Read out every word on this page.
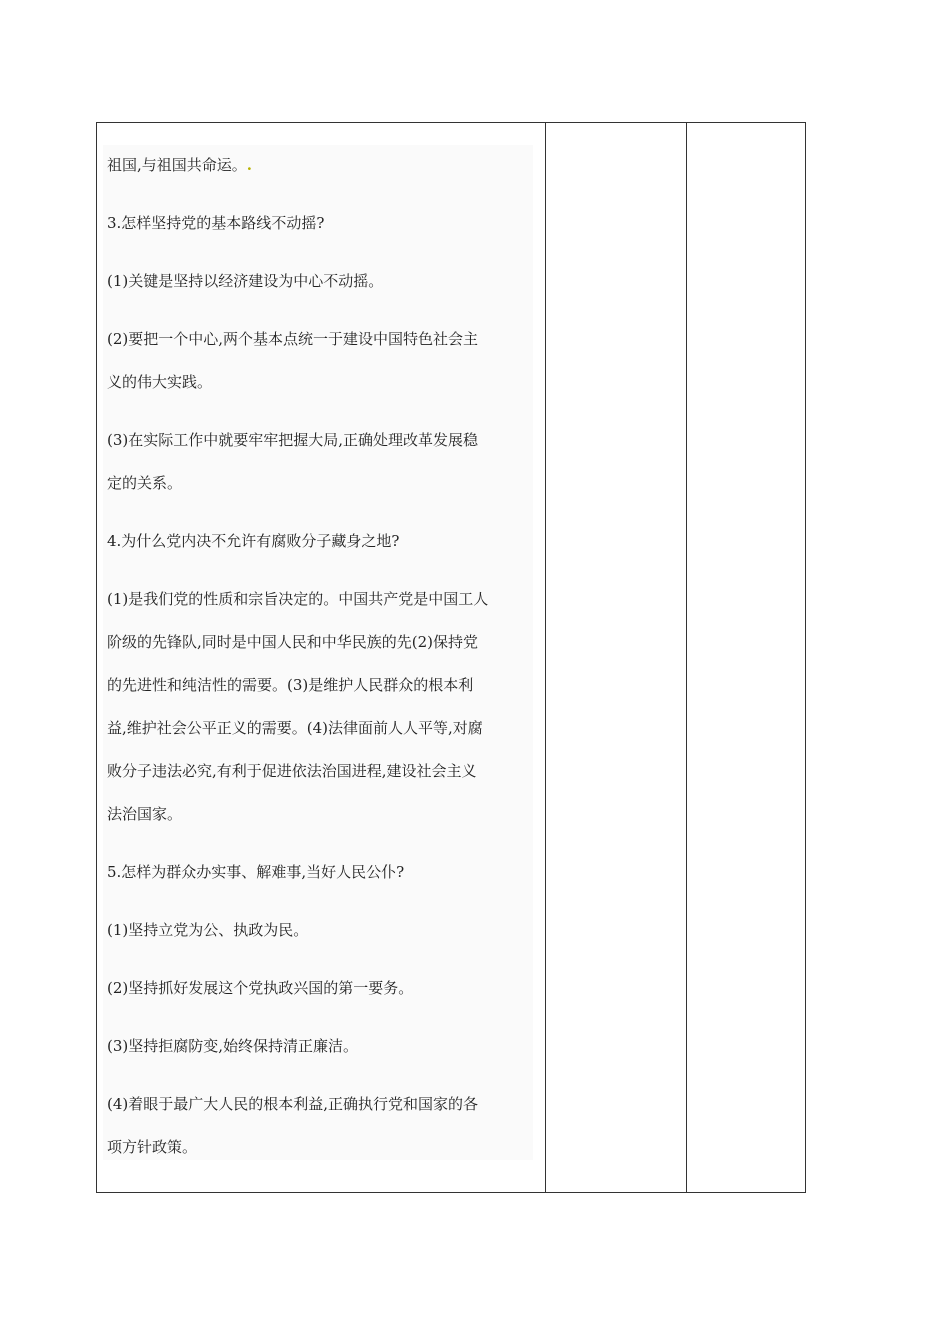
祖国,与祖国共命运。.
3.怎样坚持党的基本路线不动摇?
(1)关键是坚持以经济建设为中心不动摇。
(2)要把一个中心,两个基本点统一于建设中国特色社会主
义的伟大实践。
(3)在实际工作中就要牢牢把握大局,正确处理改革发展稳
定的关系。
4.为什么党内决不允许有腐败分子藏身之地?
(1)是我们党的性质和宗旨决定的。中国共产党是中国工人
阶级的先锋队,同时是中国人民和中华民族的先(2)保持党
的先进性和纯洁性的需要。(3)是维护人民群众的根本利
益,维护社会公平正义的需要。(4)法律面前人人平等,对腐
败分子违法必究,有利于促进依法治国进程,建设社会主义
法治国家。
5.怎样为群众办实事、解难事,当好人民公仆?
(1)坚持立党为公、执政为民。
(2)坚持抓好发展这个党执政兴国的第一要务。
(3)坚持拒腐防变,始终保持清正廉洁。
(4)着眼于最广大人民的根本利益,正确执行党和国家的各
项方针政策。
